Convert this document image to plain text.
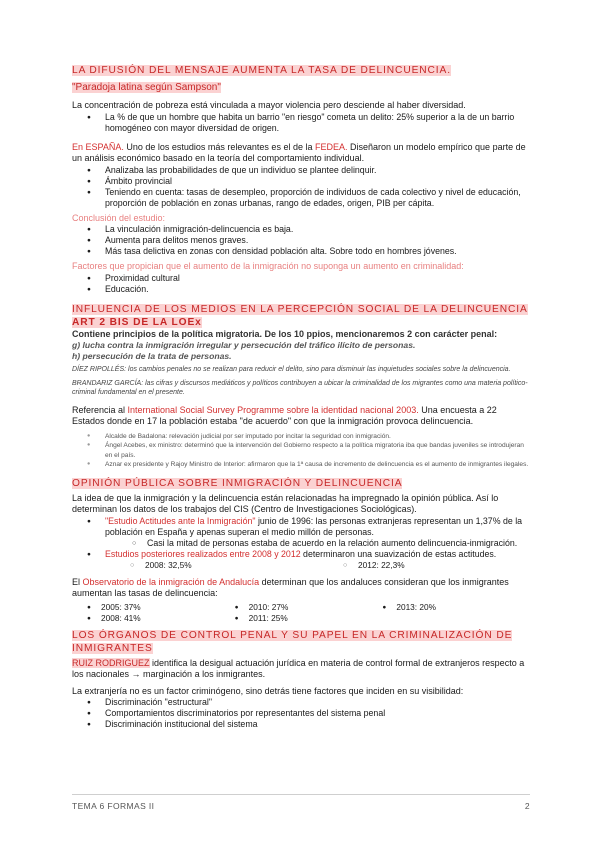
LA DIFUSIÓN DEL MENSAJE AUMENTA LA TASA DE DELINCUENCIA.
"Paradoja latina según Sampson"

La concentración de pobreza está vinculada a mayor violencia pero desciende al haber diversidad.

● La % de que un hombre que habita un barrio "en riesgo" cometa un delito: 25% superior a la de un barrio homogéneo con mayor diversidad de origen.

En ESPAÑA. Uno de los estudios más relevantes es el de la FEDEA. Diseñaron un modelo empírico que parte de un análisis económico basado en la teoría del comportamiento individual.

● Analizaba las probabilidades de que un individuo se plantee delinquir.
● Ámbito provincial
● Teniendo en cuenta: tasas de desempleo, proporción de individuos de cada colectivo y nivel de educación, proporción de población en zonas urbanas, rango de edades, origen, PIB per cápita.

Conclusión del estudio:

● La vinculación inmigración-delincuencia es baja.
● Aumenta para delitos menos graves.
● Más tasa delictiva en zonas con densidad población alta. Sobre todo en hombres jóvenes.

Factores que propician que el aumento de la inmigración no suponga un aumento en criminalidad:

● Proximidad cultural
● Educación.
INFLUENCIA DE LOS MEDIOS EN LA PERCEPCIÓN SOCIAL DE LA DELINCUENCIA
ART 2 BIS DE LA LOEx

Contiene principios de la política migratoria. De los 10 ppios, mencionaremos 2 con carácter penal:

g) lucha contra la inmigración irregular y persecución del tráfico ilícito de personas.

h) persecución de la trata de personas.

DÍEZ RIPOLLÉS: los cambios penales no se realizan para reducir el delito, sino para disminuir las inquietudes sociales sobre la delincuencia.

BRANDARIZ GARCÍA: las cifras y discursos mediáticos y políticos contribuyen a ubicar la criminalidad de los migrantes como una materia político-criminal fundamental en el presente.

Referencia al International Social Survey Programme sobre la identidad nacional 2003. Una encuesta a 22 Estados donde en 17 la población estaba "de acuerdo" con que la inmigración provoca delincuencia.

● Alcalde de Badalona: relevación judicial por ser imputado por incitar la seguridad con inmigración.
● Ángel Acebes, ex ministro: determinó que la intervención del Gobierno respecto a la política migratoria iba que bandas juveniles se introdujeran en el país.
● Aznar ex presidente y Rajoy Ministro de Interior: afirmaron que la 1ª causa de incremento de delincuencia es el aumento de inmigrantes ilegales.
OPINIÓN PÚBLICA SOBRE INMIGRACIÓN Y DELINCUENCIA

La idea de que la inmigración y la delincuencia están relacionadas ha impregnado la opinión pública. Así lo determinan los datos de los trabajos del CIS (Centro de Investigaciones Sociológicas).

● "Estudio Actitudes ante la Inmigración" junio de 1996: las personas extranjeras representan un 1,37% de la población en España y apenas superan el medio millón de personas.
○ Casi la mitad de personas estaba de acuerdo en la relación aumento delincuencia-inmigración.
● Estudios posteriores realizados entre 2008 y 2012 determinaron una suavización de estas actitudes.
○ 2008: 32,5%
○	2012: 22,3%

El Observatorio de la inmigración de Andalucía determinan que los andaluces consideran que los inmigrantes aumentan las tasas de delincuencia:

● 2005: 37%
● 2008: 41%
● 2010: 27%
● 2011: 25%
● 2013: 20%
LOS ÓRGANOS DE CONTROL PENAL Y SU PAPEL EN LA CRIMINALIZACIÓN DE INMIGRANTES

RUIZ RODRIGUEZ identifica la desigual actuación jurídica en materia de control formal de extranjeros respecto a los nacionales → marginación a los inmigrantes.

La extranjería no es un factor criminógeno, sino detrás tiene factores que inciden en su visibilidad:

● Discriminación "estructural"
● Comportamientos discriminatorios por representantes del sistema penal
● Discriminación institucional del sistema
TEMA 6 FORMAS II	2
